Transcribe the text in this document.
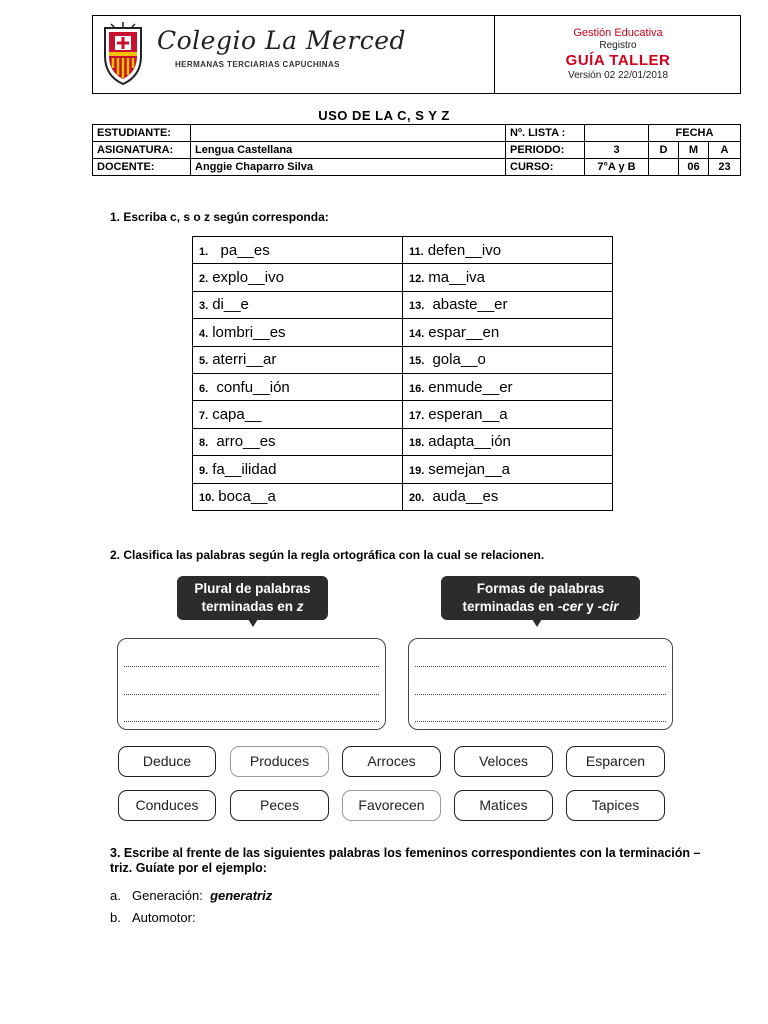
Colegio La Merced
HERMANAS TERCIARIAS CAPUCHINAS
Gestión Educativa
Registro
GUÍA TALLER
Versión 02 22/01/2018
USO DE LA C, S Y Z
ESTUDIANTE:		Nº. LISTA :		FECHA		
ASIGNATURA:	Lengua Castellana	PERIODO:	3	D	M	A
DOCENTE:	Anggie Chaparro Silva	CURSO:	7°A y B		06	23
1. Escriba c, s o z según corresponda:
1.  pa__es	11. defen__ivo
2. explo__ivo	12. ma__iva
3. di__e	13. abaste__er
4. lombri__es	14. espar__en
5. aterri__ar	15. gola__o
6. confu__ión	16. enmude__er
7. capa__	17. esperan__a
8. arro__es	18. adapta__ión
9. fa__ilidad	19. semejan__a
10. boca__a	20. auda__es
2. Clasifica las palabras según la regla ortográfica con la cual se relacionen.
Plural de palabras
terminadas en z
Formas de palabras
terminadas en -cer y -cir
Deduce	Produces	Arroces	Veloces	Esparcen
Conduces	Peces	Favorecen	Matices	Tapices
3. Escribe al frente de las siguientes palabras los femeninos correspondientes con la terminación – triz. Guíate por el ejemplo:
a. Generación: generatriz
b. Automotor:
